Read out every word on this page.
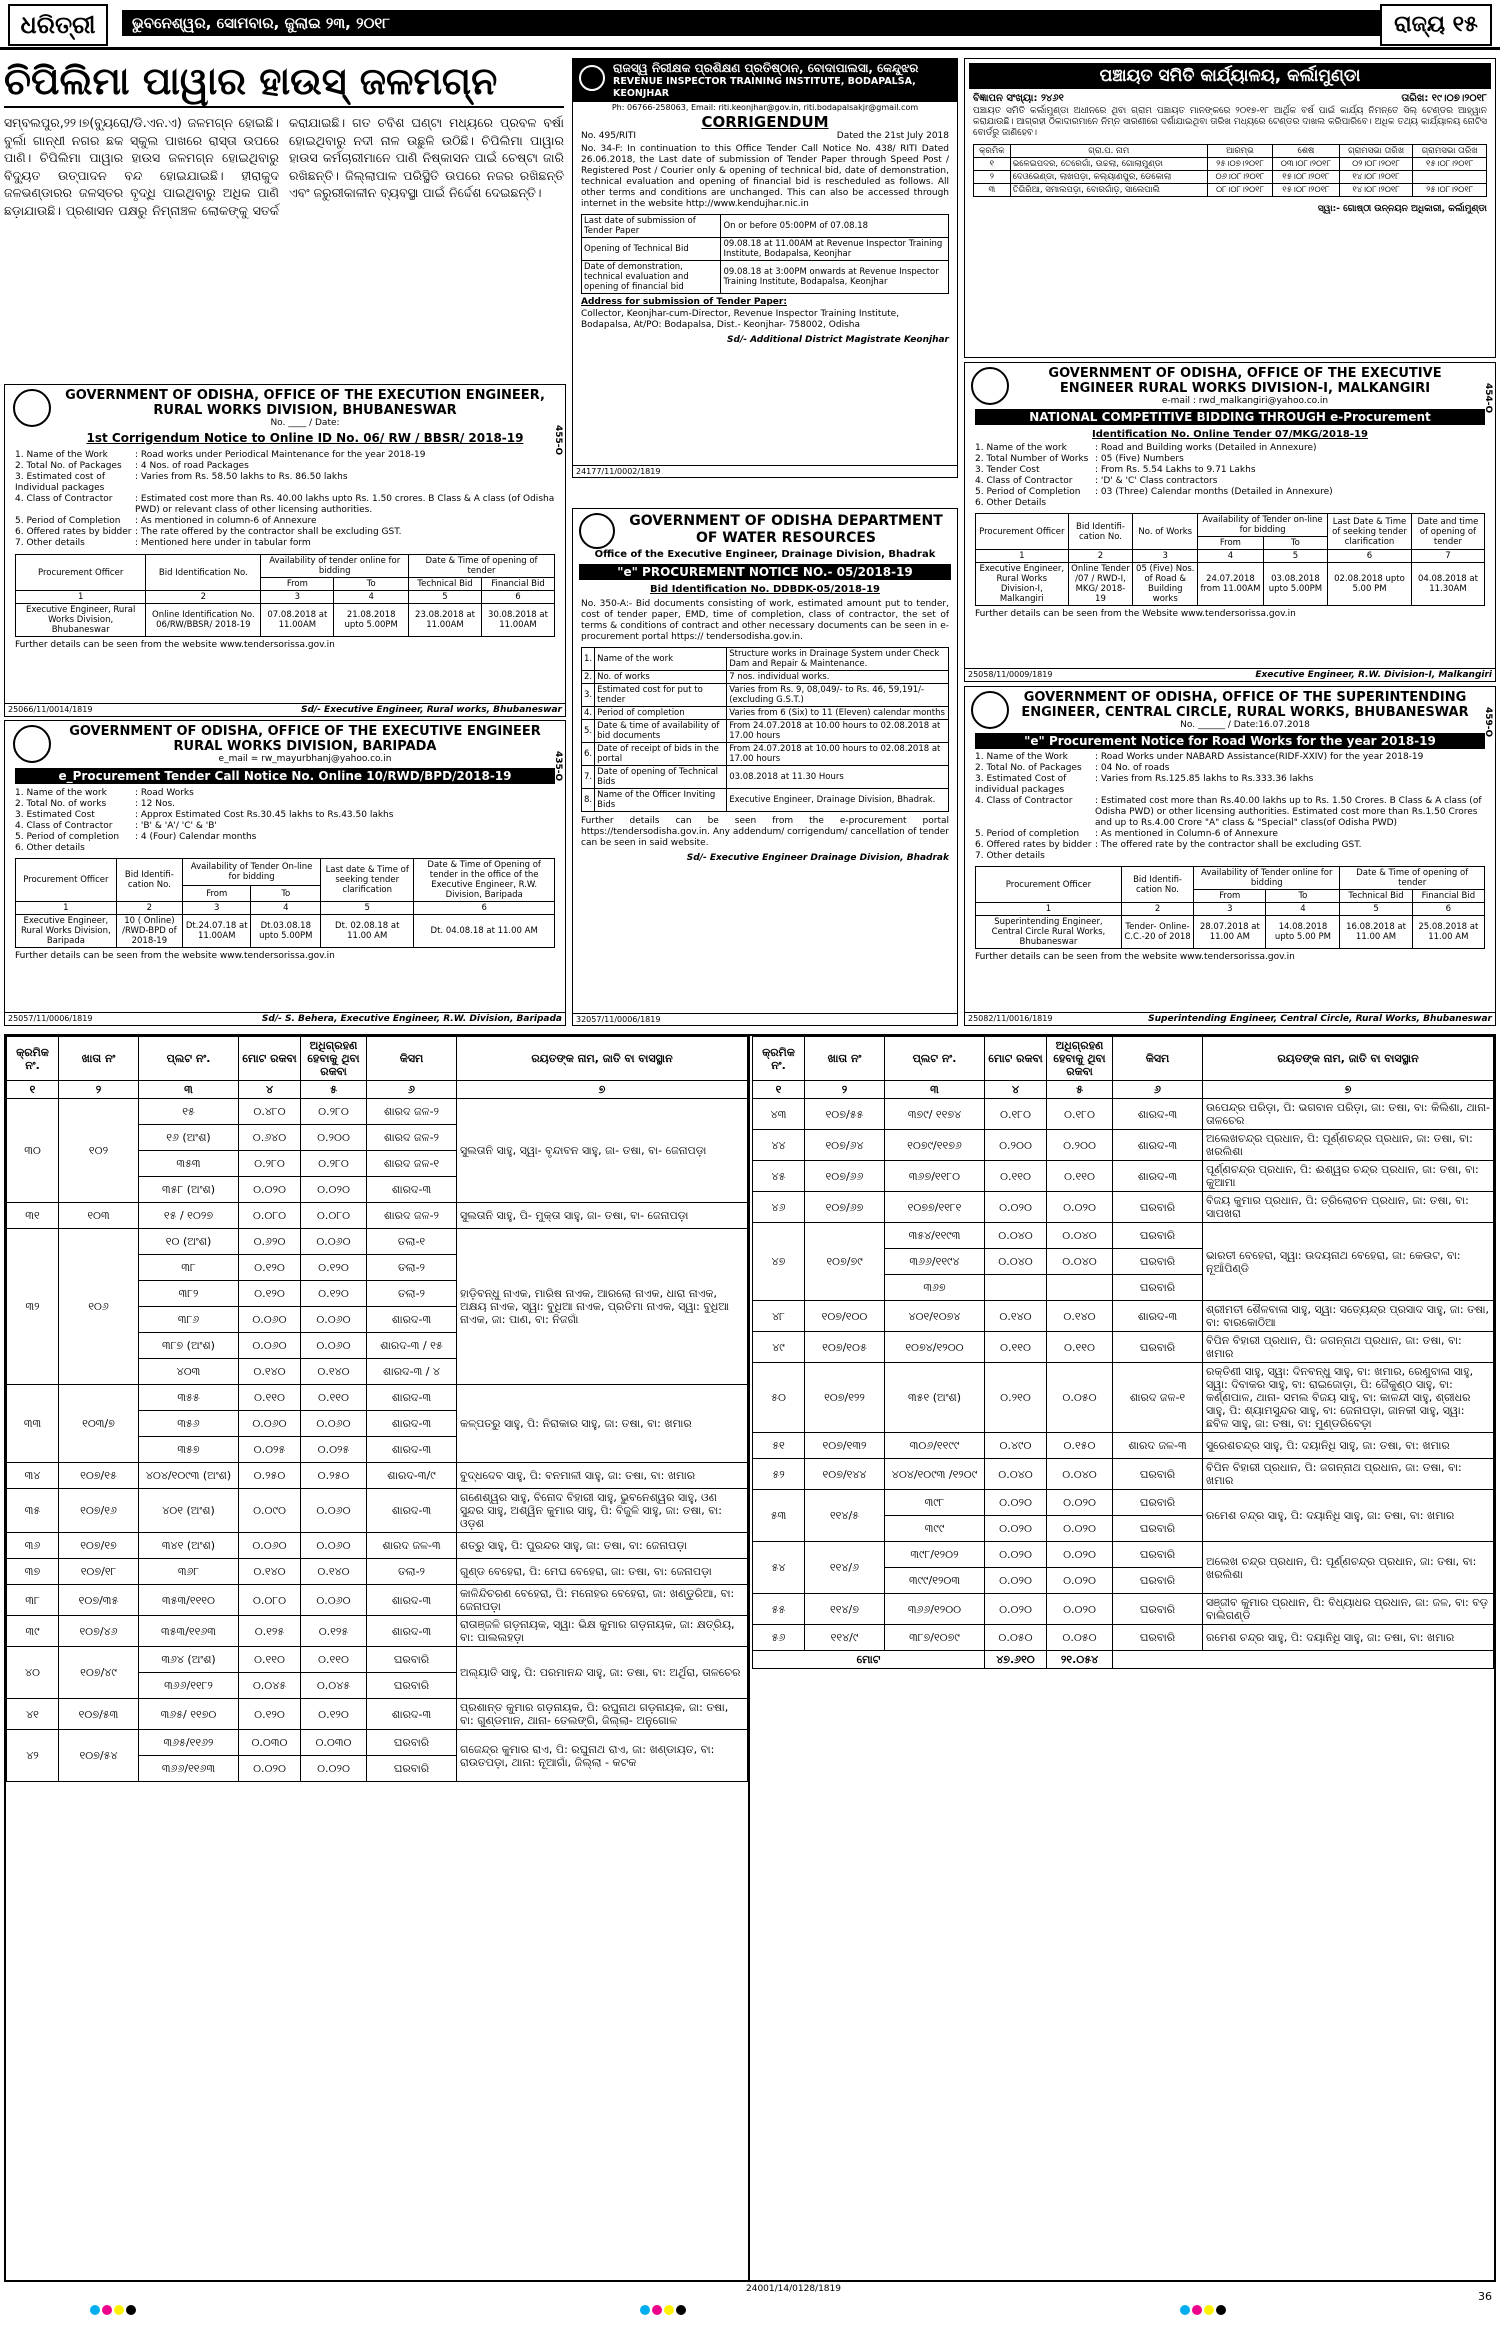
ଧରିତ୍ରୀ	ଭୁବନେଶ୍ୱର, ସୋମବାର, ଜୁଲାଇ ୨୩, ୨୦୧୮	ରାଜ୍ୟ ୧୫
ଚିପିଲିମା ପାୱାର ହାଉସ୍ ଜଳମଗ୍ନ
ସମ୍ବଲପୁର,୨୨।୭(ବ୍ୟୁରୋ/ଡି.ଏନ.ଏ) ଜଳମଗ୍ନ ହୋଇଛି। ବୁର୍ଲା ଗାନ୍ଧୀ ନଗର ଛକ ସ୍କୁଲ ପାଖରେ ରାସ୍ତା ଉପରେ ପାଣି। ଚିପିଲିମା ପାୱାର ହାଉସ ଜଳମଗ୍ନ ହୋଇଥିବାରୁ ବିଦ୍ୟୁତ ଉତ୍ପାଦନ ବନ୍ଦ ହୋଇଯାଇଛି। ହୀରାକୁଦ ଜଳଭଣ୍ଡାରର ଜଳସ୍ତର ବୃଦ୍ଧି ପାଇଥିବାରୁ ଅଧିକ ପାଣି ଛଡ଼ାଯାଉଛି। ପ୍ରଶାସନ ପକ୍ଷରୁ ନିମ୍ନାଞ୍ଚଳ ଲୋକଙ୍କୁ ସତର୍କ କରାଯାଇଛି। ଗତ ଚବିଶ ଘଣ୍ଟା ମଧ୍ୟରେ ପ୍ରବଳ ବର୍ଷା ହୋଇଥିବାରୁ ନଦୀ ନାଳ ଉଛୁଳି ଉଠିଛି। ଚିପିଲିମା ପାୱାର ହାଉସ କର୍ମଚାରୀମାନେ ପାଣି ନିଷ୍କାସନ ପାଇଁ ଚେଷ୍ଟା ଜାରି ରଖିଛନ୍ତି। ଜିଲ୍ଲାପାଳ ପରିସ୍ଥିତି ଉପରେ ନଜର ରଖିଛନ୍ତି ଏବଂ ଜରୁରୀକାଳୀନ ବ୍ୟବସ୍ଥା ପାଇଁ ନିର୍ଦ୍ଦେଶ ଦେଇଛନ୍ତି।
GOVERNMENT OF ODISHA, OFFICE OF THE EXECUTION ENGINEER, RURAL WORKS DIVISION, BHUBANESWAR
No. ____ / Date:
1st Corrigendum Notice to Online ID No. 06/ RW / BBSR/ 2018-19	455-O
1. Name of the Work	: Road works under Periodical Maintenance for the year 2018-19
2. Total No. of Packages	: 4 Nos. of road Packages
3. Estimated cost of Individual packages
: Varies from Rs. 58.50 lakhs to Rs. 86.50 lakhs
4. Class of Contractor	: Estimated cost more than Rs. 40.00 lakhs upto Rs. 1.50 crores. B Class & A class (of Odisha PWD) or relevant class of other licensing authorities.
5. Period of Completion	: As mentioned in column-6 of Annexure
6. Offered rates by bidder : The rate offered by the contractor shall be excluding GST.
7. Other details	: Mentioned here under in tabular form
Procurement Officer	Bid Identification No.	Availability of tender online for bidding		Date & Time of opening of tender	
		From	To	Technical Bid	Financial Bid
1	2	3	4	5	6
Executive Engineer, Rural Works Division, Bhubaneswar	Online Identification No. 06/RW/BBSR/ 2018-19	07.08.2018 at 11.00AM	21.08.2018 upto 5.00PM	23.08.2018 at 11.00AM	30.08.2018 at 11.00AM
Further details can be seen from the website www.tendersorissa.gov.in
25066/11/0014/1819	Sd/- Executive Engineer, Rural works, Bhubaneswar
GOVERNMENT OF ODISHA, OFFICE OF THE EXECUTIVE ENGINEER RURAL WORKS DIVISION, BARIPADA
e_mail = rw_mayurbhanj@yahoo.co.in	435-O
e_Procurement Tender Call Notice No. Online 10/RWD/BPD/2018-19
1. Name of the work	: Road Works
2. Total No. of works	: 12 Nos.
3. Estimated Cost	: Approx Estimated Cost Rs.30.45 lakhs to Rs.43.50 lakhs
4. Class of Contractor	: 'B' & 'A'/ 'C' & 'B'
5. Period of completion	: 4 (Four) Calendar months
6. Other details
Procurement Officer	Bid Identifi-cation No.	Availability of Tender On-line for bidding		Last date & Time of seeking tender clarification	Date & Time of Opening of tender in the office of the Executive Engineer, R.W. Division, Baripada
		From	To		
1	2	3	4	5	6
Executive Engineer, Rural Works Division, Baripada	10 ( Online) /RWD-BPD of 2018-19	Dt.24.07.18 at 11.00AM	Dt.03.08.18 upto 5.00PM	Dt. 02.08.18 at 11.00 AM	Dt. 04.08.18 at 11.00 AM
Further details can be seen from the website www.tendersorissa.gov.in
25057/11/0006/1819	Sd/- S. Behera, Executive Engineer, R.W. Division, Baripada
ରାଜସ୍ୱ ନିରୀକ୍ଷକ ପ୍ରଶିକ୍ଷଣ ପ୍ରତିଷ୍ଠାନ, ବୋଦାପାଲସା, କେନ୍ଦୁଝର
REVENUE INSPECTOR TRAINING INSTITUTE, BODAPALSA, KEONJHAR
Ph: 06766-258063, Email: riti.keonjhar@gov.in, riti.bodapalsakjr@gmail.com
CORRIGENDUM
No. 495/RITI	Dated the 21st July 2018
No. 34-F: In continuation to this Office Tender Call Notice No. 438/ RITI Dated 26.06.2018, the Last date of submission of Tender Paper through Speed Post / Registered Post / Courier only & opening of technical bid, date of demonstration, technical evaluation and opening of financial bid is rescheduled as follows. All other terms and conditions are unchanged. This can also be accessed through internet in the website http://www.kendujhar.nic.in
Last date of submission of Tender Paper	On or before 05:00PM of 07.08.18
Opening of Technical Bid	09.08.18 at 11.00AM at Revenue Inspector Training Institute, Bodapalsa, Keonjhar
Date of demonstration, technical evaluation and opening of financial bid	09.08.18 at 3:00PM onwards at Revenue Inspector Training Institute, Bodapalsa, Keonjhar
Address for submission of Tender Paper:
Collector, Keonjhar-cum-Director, Revenue Inspector Training Institute, Bodapalsa, At/PO: Bodapalsa, Dist.- Keonjhar- 758002, Odisha
Sd/- Additional District Magistrate Keonjhar
24177/11/0002/1819
GOVERNMENT OF ODISHA DEPARTMENT OF WATER RESOURCES
Office of the Executive Engineer, Drainage Division, Bhadrak
"e" PROCUREMENT NOTICE NO.- 05/2018-19
Bid Identification No. DDBDK-05/2018-19
No. 350-A:- Bid documents consisting of work, estimated amount put to tender, cost of tender paper, EMD, time of completion, class of contractor, the set of terms & conditions of contract and other necessary documents can be seen in e-procurement portal https:// tendersodisha.gov.in.
1.	Name of the work	Structure works in Drainage System under Check Dam and Repair & Maintenance.
2.	No. of works	7 nos. individual works.
3.	Estimated cost for put to tender	Varies from Rs. 9, 08,049/- to Rs. 46, 59,191/- (excluding G.S.T.)
4.	Period of completion	Varies from 6 (Six) to 11 (Eleven) calendar months
5.	Date & time of availability of bid documents	From 24.07.2018 at 10.00 hours to 02.08.2018 at 17.00 hours
6.	Date of receipt of bids in the portal	From 24.07.2018 at 10.00 hours to 02.08.2018 at 17.00 hours
7.	Date of opening of Technical Bids	03.08.2018 at 11.30 Hours
8.	Name of the Officer Inviting Bids	Executive Engineer, Drainage Division, Bhadrak.
Further details can be seen from the e-procurement portal https://tendersodisha.gov.in. Any addendum/ corrigendum/ cancellation of tender can be seen in said website.
Sd/- Executive Engineer Drainage Division, Bhadrak
32057/11/0006/1819
ପଞ୍ଚାୟତ ସମିତି କାର୍ଯ୍ୟାଳୟ, କର୍ଲାମୁଣ୍ଡା
ବିଜ୍ଞାପନ ସଂଖ୍ୟା: ୨୪୬୧	ତାରିଖ: ୧୯।୦୭।୨୦୧୮
ପଞ୍ଚାୟତ ସମିତି କର୍ଲାମୁଣ୍ଡା ଅଧୀନରେ ଥିବା ଗ୍ରାମ ପଞ୍ଚାୟତ ମାନଙ୍କରେ ୨୦୧୭-୧୮ ଆର୍ଥିକ ବର୍ଷ ପାଇଁ କାର୍ଯ୍ୟ ନିମନ୍ତେ ସିଲ୍ ଟେଣ୍ଡର ଆହ୍ୱାନ କରାଯାଉଛି। ଆଗ୍ରହୀ ଠିକାଦାରମାନେ ନିମ୍ନ ସାରଣୀରେ ଦର୍ଶାଯାଇଥିବା ତାରିଖ ମଧ୍ୟରେ ଟେଣ୍ଡର ଦାଖଲ କରିପାରିବେ। ଅଧିକ ତଥ୍ୟ କାର୍ଯ୍ୟାଳୟ ନୋଟିସ ବୋର୍ଡରୁ ଜାଣିହେବ।
କ୍ରମିକ	ଗ୍ରା.ପ. ନାମ	ଆରମ୍ଭ	ଶେଷ	ଗ୍ରାମସଭା ତାରିଖ	ଗ୍ରାମସଭା ତାରିଖ
୧	ଭଳେଇପଦର, ତେରେଗାଁ, ଉଚ୍ଚଲା, ଗୋଲାମୁଣ୍ଡା	୨୫।୦୭।୨୦୧୮	୦୩।୦୮।୨୦୧୮	୦୨।୦୮।୨୦୧୮	୧୫।୦୮।୨୦୧୮
୨	ଦେଓଭେଣ୍ଡା, ଲାଖପଡ଼ା, କଲ୍ୟାଣପୁର, ଡେକୋଲା	୦୬।୦୮।୨୦୧୮	୧୫।୦୮।୨୦୧୮	୧୪।୦୮।୨୦୧୮	
୩	ତିଗିରିଆ, ସମାଲପଡ଼ା, ବୋରଗାଁଡ଼, ସାଲେପାଲି	୦୮।୦୮।୨୦୧୮	୧୫।୦୮।୨୦୧୮	୧୪।୦୮।୨୦୧୮	୨୫।୦୮।୨୦୧୮
ସ୍ୱା:- ଗୋଷ୍ଠୀ ଉନ୍ନୟନ ଅଧିକାରୀ, କର୍ଲାମୁଣ୍ଡା
GOVERNMENT OF ODISHA, OFFICE OF THE EXECUTIVE ENGINEER RURAL WORKS DIVISION-I, MALKANGIRI
e-mail : rwd_malkangiri@yahoo.co.in	454-O
NATIONAL COMPETITIVE BIDDING THROUGH e-Procurement
Identification No. Online Tender 07/MKG/2018-19
1. Name of the work	: Road and Building works (Detailed in Annexure)
2. Total Number of Works : 05 (Five) Numbers
3. Tender Cost	: From Rs. 5.54 Lakhs to 9.71 Lakhs
4. Class of Contractor	: 'D' & 'C' Class contractors
5. Period of Completion	: 03 (Three) Calendar months (Detailed in Annexure)
6. Other Details
Procurement Officer	Bid Identifi-cation No.	No. of Works	Availability of Tender on-line for bidding		Last Date & Time of seeking tender clarification	Date and time of opening of tender
			From	To		
1	2	3	4	5	6	7
Executive Engineer, Rural Works Division-I, Malkangiri	Online Tender /07 / RWD-I, MKG/ 2018-19	05 (Five) Nos. of Road & Building works	24.07.2018 from 11.00AM	03.08.2018 upto 5.00PM	02.08.2018 upto 5.00 PM	04.08.2018 at 11.30AM
Further details can be seen from the Website www.tendersorissa.gov.in
25058/11/0009/1819	Executive Engineer, R.W. Division-I, Malkangiri
GOVERNMENT OF ODISHA, OFFICE OF THE SUPERINTENDING ENGINEER, CENTRAL CIRCLE, RURAL WORKS, BHUBANESWAR
No. ______ / Date:16.07.2018	459-O
"e" Procurement Notice for Road Works for the year 2018-19
1. Name of the Work	: Road Works under NABARD Assistance(RIDF-XXIV) for the year 2018-19
2. Total No. of Packages	: 04 No. of roads
3. Estimated Cost of individual packages
: Varies from Rs.125.85 lakhs to Rs.333.36 lakhs
4. Class of Contractor	: Estimated cost more than Rs.40.00 lakhs up to Rs. 1.50 Crores. B Class & A class (of Odisha PWD) or other licensing authorities. Estimated cost more than Rs.1.50 Crores and up to Rs.4.00 Crore "A" class & "Special" class(of Odisha PWD)
5. Period of completion	: As mentioned in Column-6 of Annexure
6. Offered rates by bidder : The offered rate by the contractor shall be excluding GST.
7. Other details
Procurement Officer	Bid Identifi-cation No.	Availability of Tender online for bidding		Date & Time of opening of tender	
		From	To	Technical Bid	Financial Bid
1	2	3	4	5	6
Superintending Engineer, Central Circle Rural Works, Bhubaneswar	Tender- Online- C.C.-20 of 2018	28.07.2018 at 11.00 AM	14.08.2018 upto 5.00 PM	16.08.2018 at 11.00 AM	25.08.2018 at 11.00 AM
Further details can be seen from the website www.tendersorissa.gov.in
25082/11/0016/1819	Superintending Engineer, Central Circle, Rural Works, Bhubaneswar
କ୍ରମିକ ନଂ.	ଖାତା ନଂ	ପ୍ଲଟ ନଂ.	ମୋଟ ରକବା	ଅଧିଗ୍ରହଣ ହେବାକୁ ଥିବା ରକବା	କିସମ	ରୟତଙ୍କ ନାମ, ଜାତି ବା ବାସସ୍ଥାନ
୧	୨	୩	୪	୫	୬	୭
୩୦	୧୦୨	୧୫	୦.୪୮୦	୦.୨୮୦	ଶାରଦ ଜଳ-୨	ସୁଲତାନି ସାହୁ, ସ୍ୱା- ବୃନ୍ଦାବନ ସାହୁ, ଜା- ତଷା, ବା- ଜେନାପଡ଼ା
		୧୬ (ଅଂଶ)	୦.୬୪୦	୦.୨୦୦	ଶାରଦ ଜଳ-୨	
		୩୫୩	୦.୨୮୦	୦.୨୮୦	ଶାରଦ ଜଳ-୧	
		୩୫୮ (ଅଂଶ)	୦.୦୨୦	୦.୦୨୦	ଶାରଦ-୩	
୩୧	୧୦୩	୧୫ / ୧୦୨୭	୦.୦୮୦	୦.୦୮୦	ଶାରଦ ଜଳ-୨	ସୁଲତାନି ସାହୁ, ପି- ମୁକ୍ତା ସାହୁ, ଜା- ତଷା, ବା- ଜେନାପଡ଼ା
୩୨	୧୦୬	୧୦ (ଅଂଶ)	୦.୬୨୦	୦.୦୬୦	ତଲା-୧	ହାଡ଼ିବନ୍ଧୁ ନାଏକ, ମାରିଷ ନାଏକ, ଆରଲୋ ନାଏକ, ଧାରା ନାଏକ, ଅକ୍ଷୟ ନାଏକ, ସ୍ୱା: ବୁଧିଆ ନାଏକ, ପ୍ରତିମା ନାଏକ, ସ୍ୱା: ବୁଧିଆ ନାଏକ, ଜା: ପାଣ, ବା: ନିଜଗାଁ
		୩୮	୦.୧୨୦	୦.୧୨୦	ତଲା-୨	
		୩୮୨	୦.୧୨୦	୦.୧୨୦	ତଲା-୨	
		୩୮୬	୦.୦୬୦	୦.୦୬୦	ଶାରଦ-୩	
		୩୮୭ (ଅଂଶ)	୦.୦୬୦	୦.୦୬୦	ଶାରଦ-୩ / ୧୫	
		୪୦୩	୦.୧୪୦	୦.୧୪୦	ଶାରଦ-୩ / ୪	
୩୩	୧୦୩/୭	୩୫୫	୦.୧୧୦	୦.୧୧୦	ଶାରଦ-୩	କଳ୍ପତରୁ ସାହୁ, ପି: ନିରାକାର ସାହୁ, ଜା: ତଷା, ବା: ଖମାର
		୩୫୬	୦.୦୬୦	୦.୦୬୦	ଶାରଦ-୩	
		୩୫୭	୦.୦୨୫	୦.୦୨୫	ଶାରଦ-୩	
୩୪	୧୦୭/୧୫	୪୦୪/୧୦୯୩ (ଅଂଶ)	୦.୨୫୦	୦.୨୫୦	ଶାରଦ-୩/୯	ବୁଦ୍ଧଦେବ ସାହୁ, ପି: ବନମାଳୀ ସାହୁ, ଜା: ତଷା, ବା: ଖମାର
୩୫	୧୦୭/୧୬	୪୦୧ (ଅଂଶ)	୦.୦୯୦	୦.୦୬୦	ଶାରଦ-୩	ଗଣେଶ୍ୱର ସାହୁ, ବିନୋଦ ବିହାରୀ ସାହୁ, ଭୁବନେଶ୍ୱର ସାହୁ, ଓଣ ସୁନ୍ଦର ସାହୁ, ଅଶ୍ୱିନ କୁମାର ସାହୁ, ପି: ବିଜୁଳି ସାହୁ, ଜା: ତଷା, ବା: ଓଡ଼ଶ
୩୬	୧୦୭/୧୭	୩୪୧ (ଅଂଶ)	୦.୦୬୦	୦.୦୬୦	ଶାରଦ ଜଳ-୩	ଶତ୍ରୁ ସାହୁ, ପି: ପୁରନ୍ଦର ସାହୁ, ଜା: ତଷା, ବା: ଜେନାପଡ଼ା
୩୭	୧୦୭/୧୮	୩୬୮	୦.୧୪୦	୦.୧୪୦	ତଲା-୨	ଗୁଣ୍ଡ ବେହେରା, ପି: ମେଘ ବେହେରା, ଜା: ତଷା, ବା: ଜେନାପଡ଼ା
୩୮	୧୦୭/୩୫	୩୫୩/୧୧୧୦	୦.୦୮୦	୦.୦୬୦	ଶାରଦ-୩	କାଳିନ୍ଦିଚରଣ ବେହେରା, ପି: ମନୋହର ବେହେରା, ଜା: ଖଣ୍ଡୁରିଆ, ବା: ଜେନାପଡ଼ା
୩୯	୧୦୭/୪୬	୩୫୩/୧୧୬୩	୦.୧୨୫	୦.୧୨୫	ଶାରଦ-୩	ରାତାଞ୍ଜଳି ଗଡ଼ନାୟକ, ସ୍ୱା: ଭିକ୍ଷ କୁମାର ଗଡ଼ନାୟକ, ଜା: କ୍ଷତ୍ରିୟ, ବା: ପାଲଲହଡ଼ା
୪୦	୧୦୭/୪୯	୩୬୪ (ଅଂଶ)	୦.୧୧୦	୦.୧୧୦	ଘରବାରି	ଅଲ୍ୟାତି ସାହୁ, ପି: ପରମାନନ୍ଦ ସାହୁ, ଜା: ତଷା, ବା: ଅର୍ଥିରା, ତାଳଚେର
		୩୬୬/୧୧୮୨	୦.୦୪୫	୦.୦୪୫	ଘରବାରି	
୪୧	୧୦୭/୫୩	୩୬୫/ ୧୧୭୦	୦.୧୨୦	୦.୧୨୦	ଶାରଦ-୩	ପ୍ରଶାନ୍ତ କୁମାର ଗଡ଼ନାୟକ, ପି: ରଘୁନାଥ ଗଡ଼ନାୟକ, ଜା: ତଷା, ବା: ଗୁଣ୍ଡମାନ, ଥାନା- ତେଲଙ୍ଗି, ଜିଲ୍ଲା- ଅନୁଗୋଳ
୪୨	୧୦୭/୫୪	୩୬୫/୧୧୬୨	୦.୦୩୦	୦.୦୩୦	ଘରବାରି	ଗଜେନ୍ଦ୍ର କୁମାର ରାଏ, ପି: ରଘୁନାଥ ରାଏ, ଜା: ଖଣ୍ଡାୟତ, ବା: ରାଉତପଡ଼ା, ଥାନା: ନୂଆଗାଁ, ଜିଲ୍ଲା - କଟକ
		୩୬୬/୧୧୬୩	୦.୦୨୦	୦.୦୨୦	ଘରବାରି	
କ୍ରମିକ ନଂ.	ଖାତା ନଂ	ପ୍ଲଟ ନଂ.	ମୋଟ ରକବା	ଅଧିଗ୍ରହଣ ହେବାକୁ ଥିବା ରକବା	କିସମ	ରୟତଙ୍କ ନାମ, ଜାତି ବା ବାସସ୍ଥାନ
୧	୨	୩	୪	୫	୬	୭
୪୩	୧୦୭/୫୫	୩୭୯/ ୧୧୭୪	୦.୧୮୦	୦.୧୮୦	ଶାରଦ-୩	ଉପେନ୍ଦ୍ର ପରିଡ଼ା, ପି: ଭଗବାନ ପରିଡ଼ା, ଜା: ତଷା, ବା: କିଲିଶା, ଥାନା- ତାଳଚେର
୪୪	୧୦୭/୬୪	୧୦୭୯/୧୧୭୬	୦.୨୦୦	୦.୨୦୦	ଶାରଦ-୩	ଅଲେଖଚନ୍ଦ୍ର ପ୍ରଧାନ, ପି: ପୂର୍ଣ୍ଣଚନ୍ଦ୍ର ପ୍ରଧାନ, ଜା: ତଷା, ବା: ଖରଲିଶା
୪୫	୧୦୭/୬୬	୩୬୭/୧୧୮୦	୦.୧୧୦	୦.୧୧୦	ଶାରଦ-୩	ପୂର୍ଣ୍ଣଚନ୍ଦ୍ର ପ୍ରଧାନ, ପି: ଈଶ୍ୱର ଚନ୍ଦ୍ର ପ୍ରଧାନ, ଜା: ତଷା, ବା: କୁଆମା
୪୬	୧୦୭/୬୭	୧୦୭୭/୧୧୮୧	୦.୦୨୦	୦.୦୨୦	ଘରବାରି	ବିଜୟ କୁମାର ପ୍ରଧାନ, ପି: ତ୍ରିଲୋଚନ ପ୍ରଧାନ, ଜା: ତଷା, ବା: ସାପଖରା
୪୭	୧୦୭/୭୯	୩୫୪/୧୧୯୩	୦.୦୪୦	୦.୦୪୦	ଘରବାରି	ଭାରତୀ ବେହେରା, ସ୍ୱା: ଉଦୟନାଥ ବେହେରା, ଜା: କେଉଟ, ବା: ନୂଆଁପିଣ୍ଡି
		୩୬୬/୧୧୯୪	୦.୦୪୦	୦.୦୪୦	ଘରବାରି	
		୩୬୭			ଘରବାରି	
୪୮	୧୦୭/୧୦୦	୪୦୧/୧୦୭୪	୦.୧୪୦	୦.୧୪୦	ଶାରଦ-୩	ଶ୍ରୀମତୀ ଶୈଳବାଳା ସାହୁ, ସ୍ୱା: ସତ୍ୟେନ୍ଦ୍ର ପ୍ରସାଦ ସାହୁ, ଜା: ତଷା, ବା: ବାରକୋଠିଆ
୪୯	୧୦୭/୧୦୫	୧୦୭୪/୧୨୦୦	୦.୧୧୦	୦.୧୧୦	ଘରବାରି	ବିପିନ ବିହାରୀ ପ୍ରଧାନ, ପି: ଜଗନ୍ନାଥ ପ୍ରଧାନ, ଜା: ତଷା, ବା: ଖମାର
୫୦	୧୦୭/୧୨୨	୩୫୧ (ଅଂଶ)	୦.୨୧୦	୦.୦୫୦	ଶାରଦ ଜଳ-୧	ରକ୍ତିଣୀ ସାହୁ, ସ୍ୱା: ଦିନବନ୍ଧୁ ସାହୁ, ବା: ଖମାର, ରେଣୁବାଳା ସାହୁ, ସ୍ୱା: ଦିବାକର ସାହୁ, ବା: ରାଇଜୋଡ଼ା, ପି: ଜୈକୁଣ୍ଠ ସାହୁ, ବା: କର୍ଣ୍ଣପାଳ, ଥାନା- ସମଲ ବିଜୟ ସାହୁ, ବା: କାଳନ୍ଦୀ ସାହୁ, ଶ୍ରୀଧର ସାହୁ, ପି: ଶ୍ୟାମସୁନ୍ଦର ସାହୁ, ବା: ଜେନାପଡ଼ା, ଜାନକୀ ସାହୁ, ସ୍ୱା: ଛବିଳ ସାହୁ, ଜା: ତଷା, ବା: ମୁଣ୍ଡରିବେଡ଼ା
୫୧	୧୦୭/୧୩୨	୩୦୬/୧୧୯୯	୦.୪୯୦	୦.୧୫୦	ଶାରଦ ଜଳ-୩	ସୁରେଶଚନ୍ଦ୍ର ସାହୁ, ପି: ଦୟାନିଧି ସାହୁ, ଜା: ତଷା, ବା: ଖମାର
୫୨	୧୦୭/୧୪୪	୪୦୪/୧୦୯୩ /୧୨୦୯	୦.୦୪୦	୦.୦୪୦	ଘରବାରି	ବିପିନ ବିହାରୀ ପ୍ରଧାନ, ପି: ଜଗନ୍ନାଥ ପ୍ରଧାନ, ଜା: ତଷା, ବା: ଖମାର
୫୩	୧୧୪/୫	୩୯୮	୦.୦୨୦	୦.୦୨୦	ଘରବାରି	ରମେଶ ଚନ୍ଦ୍ର ସାହୁ, ପି: ଦୟାନିଧି ସାହୁ, ଜା: ତଷା, ବା: ଖମାର
		୩୯୯	୦.୦୨୦	୦.୦୨୦	ଘରବାରି	
୫୪	୧୧୪/୬	୩୯୮/୧୨୦୨	୦.୦୨୦	୦.୦୨୦	ଘରବାରି	ଅଲେଖ ଚନ୍ଦ୍ର ପ୍ରଧାନ, ପି: ପୂର୍ଣ୍ଣଚନ୍ଦ୍ର ପ୍ରଧାନ, ଜା: ତଷା, ବା: ଖରଲିଶା
		୩୯୯/୧୨୦୩	୦.୦୨୦	୦.୦୨୦	ଘରବାରି	
୫୫	୧୧୪/୭	୩୬୬/୧୨୦୦	୦.୦୨୦	୦.୦୨୦	ଘରବାରି	ସଞ୍ଜୀବ କୁମାର ପ୍ରଧାନ, ପି: ବିଧ୍ୟାଧର ପ୍ରଧାନ, ଜା: ଜଳ, ବା: ବଡ଼ ବାଲିଗଣ୍ଡି
୫୬	୧୧୪/୯	୩୮୭/୧୦୭୯	୦.୦୫୦	୦.୦୫୦	ଘରବାରି	ରମେଶ ଚନ୍ଦ୍ର ସାହୁ, ପି: ଦୟାନିଧି ସାହୁ, ଜା: ତଷା, ବା: ଖମାର
ମୋଟ			୪୭.୬୧୦	୨୧.୦୫୪		
24001/14/0128/1819
36
